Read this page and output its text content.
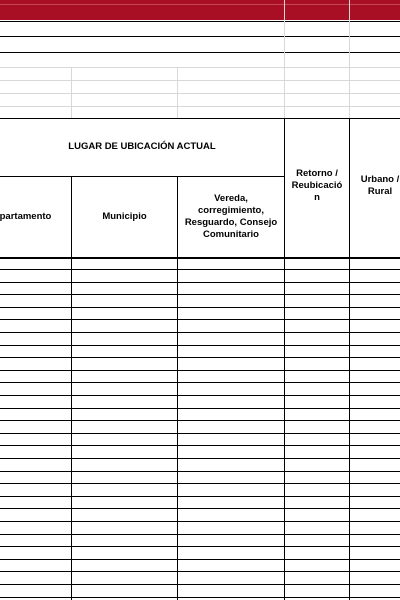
LUGAR DE UBICACIÓN ACTUAL
partamento	Municipio
Vereda,
corregimiento,
Resguardo, Consejo
Comunitario
Retorno /
Reubicació
n
Urbano /
Rural
